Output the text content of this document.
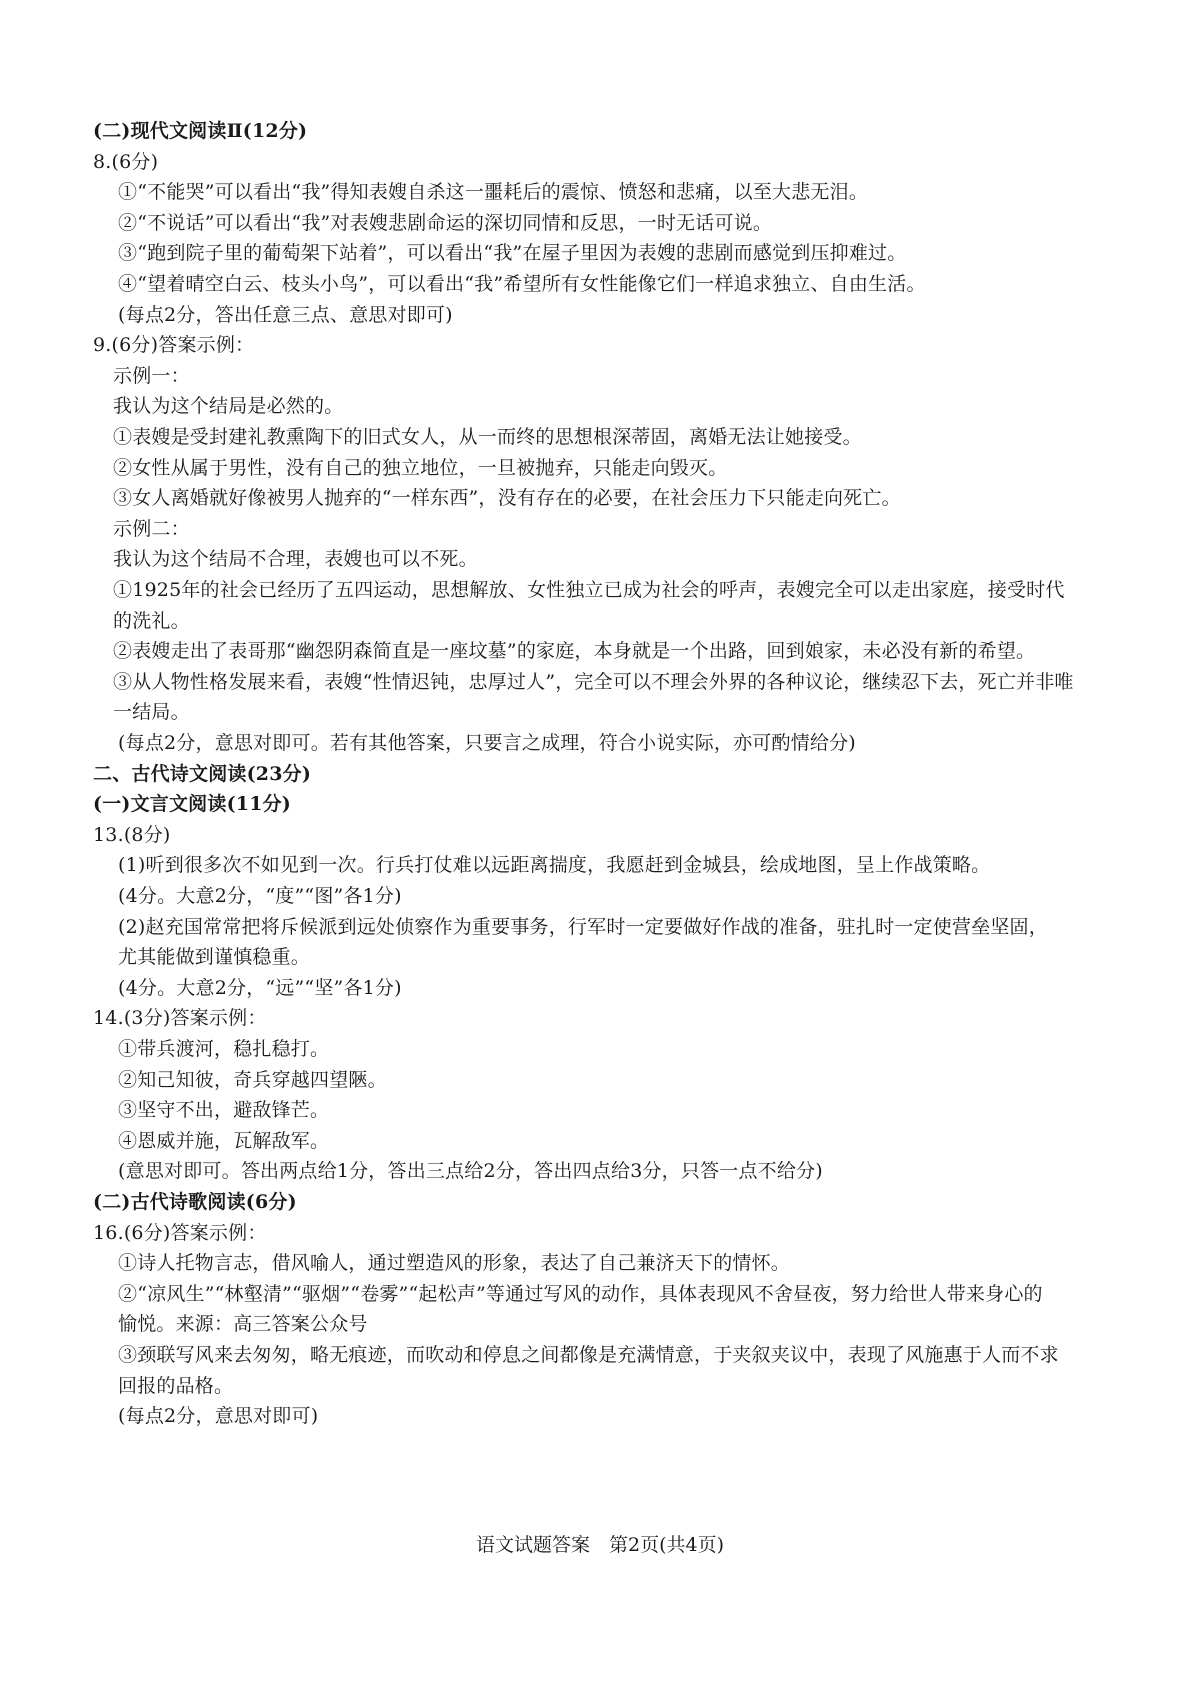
(二)现代文阅读Ⅱ(12分)
8.(6分)
①“不能哭”可以看出“我”得知表嫂自杀这一噩耗后的震惊、愤怒和悲痛，以至大悲无泪。
②“不说话”可以看出“我”对表嫂悲剧命运的深切同情和反思，一时无话可说。
③“跑到院子里的葡萄架下站着”，可以看出“我”在屋子里因为表嫂的悲剧而感觉到压抑难过。
④“望着晴空白云、枝头小鸟”，可以看出“我”希望所有女性能像它们一样追求独立、自由生活。
(每点2分，答出任意三点、意思对即可)
9.(6分)答案示例：
示例一：
我认为这个结局是必然的。
①表嫂是受封建礼教熏陶下的旧式女人，从一而终的思想根深蒂固，离婚无法让她接受。
②女性从属于男性，没有自己的独立地位，一旦被抛弃，只能走向毁灭。
③女人离婚就好像被男人抛弃的“一样东西”，没有存在的必要，在社会压力下只能走向死亡。
示例二：
我认为这个结局不合理，表嫂也可以不死。
①1925年的社会已经历了五四运动，思想解放、女性独立已成为社会的呼声，表嫂完全可以走出家庭，接受时代
的洗礼。
②表嫂走出了表哥那“幽怨阴森简直是一座坟墓”的家庭，本身就是一个出路，回到娘家，未必没有新的希望。
③从人物性格发展来看，表嫂“性情迟钝，忠厚过人”，完全可以不理会外界的各种议论，继续忍下去，死亡并非唯
一结局。
(每点2分，意思对即可。若有其他答案，只要言之成理，符合小说实际，亦可酌情给分)
二、古代诗文阅读(23分)
(一)文言文阅读(11分)
13.(8分)
(1)听到很多次不如见到一次。行兵打仗难以远距离揣度，我愿赶到金城县，绘成地图，呈上作战策略。
(4分。大意2分，“度”“图”各1分)
(2)赵充国常常把将斥候派到远处侦察作为重要事务，行军时一定要做好作战的准备，驻扎时一定使营垒坚固，
尤其能做到谨慎稳重。
(4分。大意2分，“远”“坚”各1分)
14.(3分)答案示例：
①带兵渡河，稳扎稳打。
②知己知彼，奇兵穿越四望陿。
③坚守不出，避敌锋芒。
④恩威并施，瓦解敌军。
(意思对即可。答出两点给1分，答出三点给2分，答出四点给3分，只答一点不给分)
(二)古代诗歌阅读(6分)
16.(6分)答案示例：
①诗人托物言志，借风喻人，通过塑造风的形象，表达了自己兼济天下的情怀。
②“凉风生”“林壑清”“驱烟”“卷雾”“起松声”等通过写风的动作，具体表现风不舍昼夜，努力给世人带来身心的
愉悦。来源：高三答案公众号
③颈联写风来去匆匆，略无痕迹，而吹动和停息之间都像是充满情意，于夹叙夹议中，表现了风施惠于人而不求
回报的品格。
(每点2分，意思对即可)
语文试题答案　第2页(共4页)
